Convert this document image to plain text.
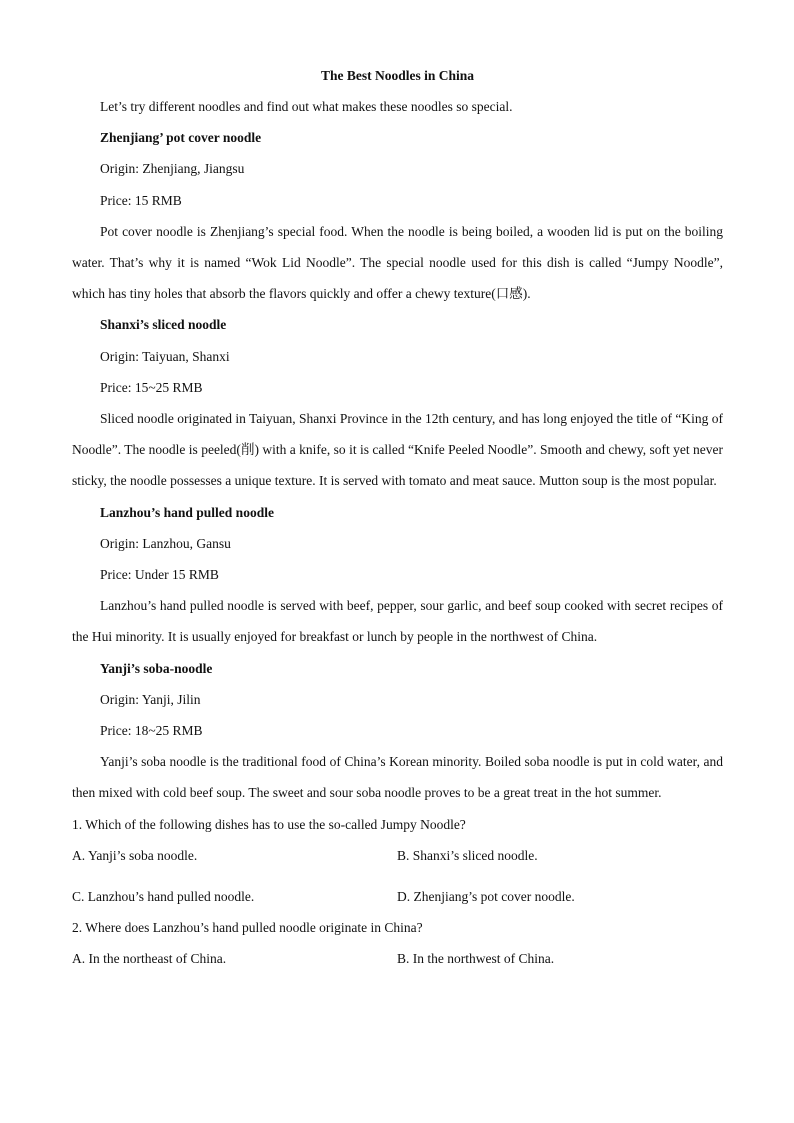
The Best Noodles in China

Let’s try different noodles and find out what makes these noodles so special.

Zhenjiang’ pot cover noodle

Origin: Zhenjiang, Jiangsu

Price: 15 RMB

Pot cover noodle is Zhenjiang’s special food. When the noodle is being boiled, a wooden lid is put on the boiling water. That’s why it is named “Wok Lid Noodle”. The special noodle used for this dish is called “Jumpy Noodle”, which has tiny holes that absorb the flavors quickly and offer a chewy texture(口感).

Shanxi’s sliced noodle

Origin: Taiyuan, Shanxi

Price: 15~25 RMB

Sliced noodle originated in Taiyuan, Shanxi Province in the 12th century, and has long enjoyed the title of “King of Noodle”. The noodle is peeled(削) with a knife, so it is called “Knife Peeled Noodle”. Smooth and chewy, soft yet never sticky, the noodle possesses a unique texture. It is served with tomato and meat sauce. Mutton soup is the most popular.

Lanzhou’s hand pulled noodle

Origin: Lanzhou, Gansu

Price: Under 15 RMB

Lanzhou’s hand pulled noodle is served with beef, pepper, sour garlic, and beef soup cooked with secret recipes of the Hui minority. It is usually enjoyed for breakfast or lunch by people in the northwest of China.

Yanji’s soba-noodle

Origin: Yanji, Jilin

Price: 18~25 RMB

Yanji’s soba noodle is the traditional food of China’s Korean minority. Boiled soba noodle is put in cold water, and then mixed with cold beef soup. The sweet and sour soba noodle proves to be a great treat in the hot summer.

1. Which of the following dishes has to use the so-called Jumpy Noodle?

A. Yanji’s soba noodle.	B. Shanxi’s sliced noodle.

C. Lanzhou’s hand pulled noodle.	D. Zhenjiang’s pot cover noodle.

2. Where does Lanzhou’s hand pulled noodle originate in China?

A. In the northeast of China.	B. In the northwest of China.
